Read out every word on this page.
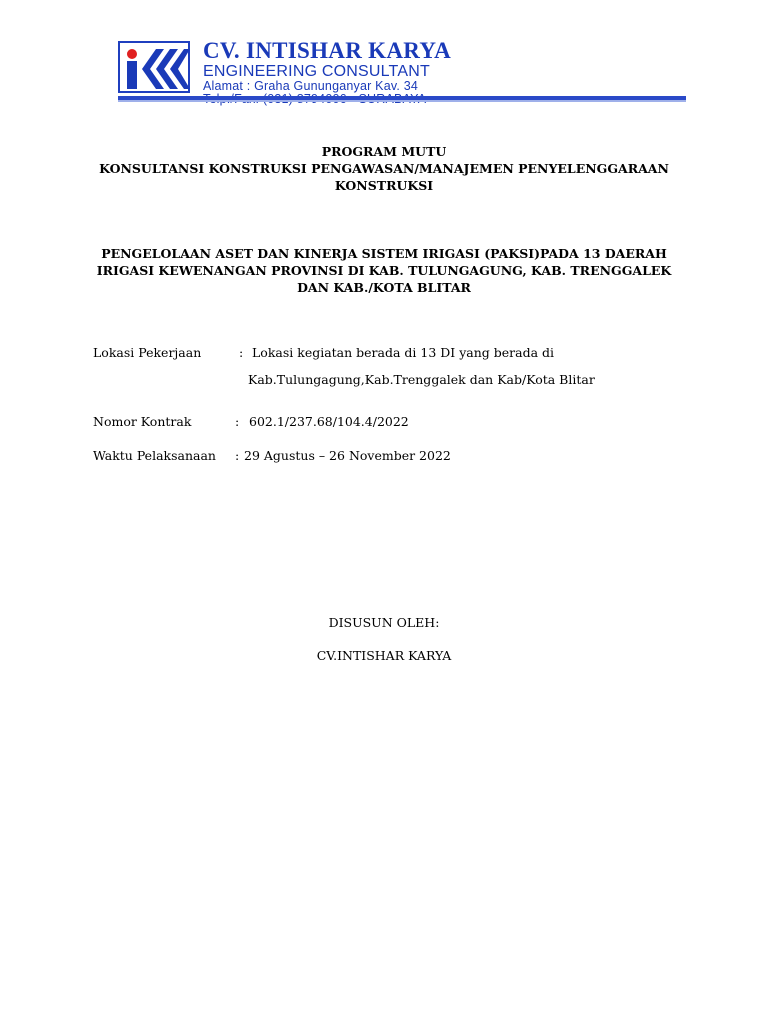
CV. INTISHAR KARYA
ENGINEERING CONSULTANT
Alamat : Graha Gununganyar Kav. 34
PROGRAM MUTU
KONSULTANSI KONSTRUKSI PENGAWASAN/MANAJEMEN PENYELENGGARAAN
KONSTRUKSI
PENGELOLAAN ASET DAN KINERJA SISTEM IRIGASI (PAKSI)PADA 13 DAERAH
IRIGASI KEWENANGAN PROVINSI DI KAB. TULUNGAGUNG, KAB. TRENGGALEK
DAN KAB./KOTA BLITAR
Lokasi Pekerjaan	: Lokasi kegiatan berada di 13 DI yang berada di
Kab.Tulungagung,Kab.Trenggalek dan Kab/Kota Blitar
Nomor Kontrak	: 602.1/237.68/104.4/2022
Waktu Pelaksanaan : 29 Agustus – 26 November 2022
DISUSUN OLEH:
CV.INTISHAR KARYA
